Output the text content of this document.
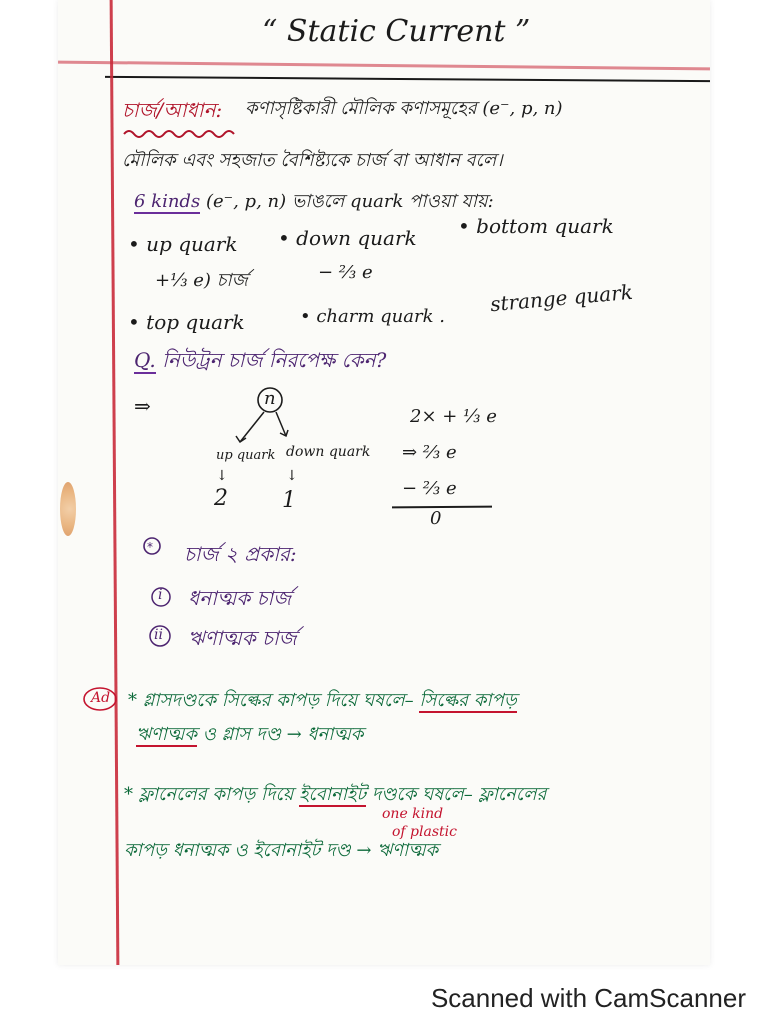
“ Static Current ”
চার্জ/আধান: কণাসৃষ্টিকারী মৌলিক কণাসমূহের (e⁻, p, n)
মৌলিক এবং সহজাত বৈশিষ্ট্যকে চার্জ বা আধান বলে।
6 kinds (e⁻, p, n) ভাঙলে quark পাওয়া যায়:
• up quark • down quark • bottom quark
+⅓ e) চার্জ	− ⅔ e
• top quark	• charm quark .
strange quark
Q. নিউট্রন চার্জ নিরপেক্ষ কেন?
⇒	n
up quark down quark
↓	↓
2 1
2× + ⅓ e
⇒ ⅔ e
− ⅔ e
0
* চার্জ ২ প্রকার:
i ধনাত্মক চার্জ
ii ঋণাত্মক চার্জ
Ad * গ্লাসদণ্ডকে সিল্কের কাপড় দিয়ে ঘষলে– সিল্কের কাপড়
ঋণাত্মক ও গ্লাস দণ্ড → ধনাত্মক
* ফ্লানেলের কাপড় দিয়ে ইবোনাইট দণ্ডকে ঘষলে– ফ্লানেলের
one kind
of plastic
কাপড় ধনাত্মক ও ইবোনাইট দণ্ড → ঋণাত্মক
Scanned with CamScanner
